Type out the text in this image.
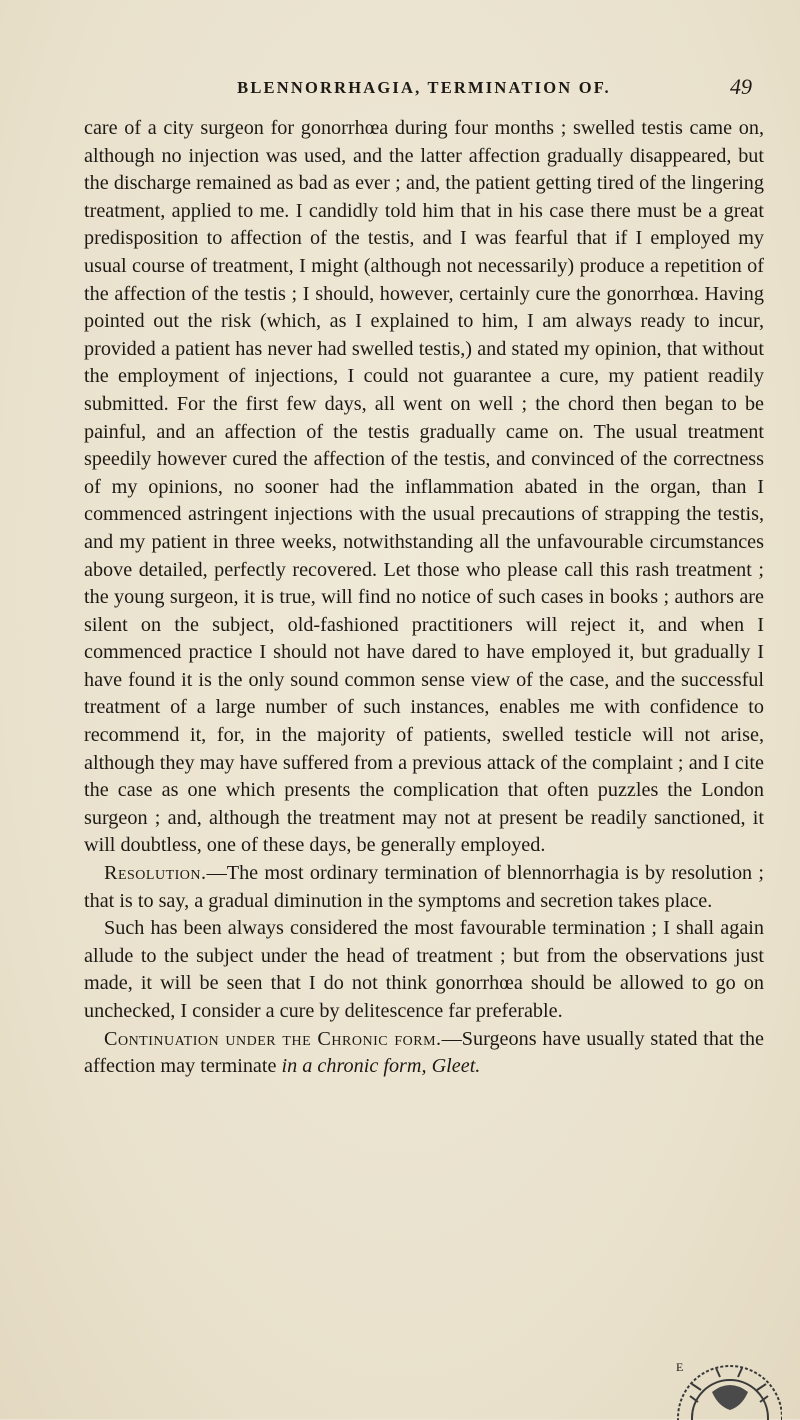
BLENNORRHAGIA, TERMINATION OF.	49

care of a city surgeon for gonorrhœa during four months ; swelled testis came on, although no injection was used, and the latter affection gradually disappeared, but the discharge remained as bad as ever ; and, the patient getting tired of the lingering treatment, applied to me. I candidly told him that in his case there must be a great predisposition to affection of the testis, and I was fearful that if I employed my usual course of treatment, I might (although not necessarily) produce a repetition of the affection of the testis ; I should, however, certainly cure the gonorrhœa. Having pointed out the risk (which, as I explained to him, I am always ready to incur, provided a patient has never had swelled testis,) and stated my opinion, that without the employment of injections, I could not guarantee a cure, my patient readily submitted. For the first few days, all went on well ; the chord then began to be painful, and an affection of the testis gradually came on. The usual treatment speedily however cured the affection of the testis, and convinced of the correctness of my opinions, no sooner had the inflammation abated in the organ, than I commenced astringent injections with the usual precautions of strapping the testis, and my patient in three weeks, notwithstanding all the unfavourable circumstances above detailed, perfectly recovered. Let those who please call this rash treatment ; the young surgeon, it is true, will find no notice of such cases in books ; authors are silent on the subject, old-fashioned practitioners will reject it, and when I commenced practice I should not have dared to have employed it, but gradually I have found it is the only sound common sense view of the case, and the successful treatment of a large number of such instances, enables me with confidence to recommend it, for, in the majority of patients, swelled testicle will not arise, although they may have suffered from a previous attack of the complaint ; and I cite the case as one which presents the complication that often puzzles the London surgeon ; and, although the treatment may not at present be readily sanctioned, it will doubtless, one of these days, be generally employed.

Resolution.—The most ordinary termination of blennorrhagia is by resolution ; that is to say, a gradual diminution in the symptoms and secretion takes place.

Such has been always considered the most favourable termination ; I shall again allude to the subject under the head of treatment ; but from the observations just made, it will be seen that I do not think gonorrhœa should be allowed to go on unchecked, I consider a cure by delitescence far preferable.

Continuation under the Chronic form.—Surgeons have usually stated that the affection may terminate in a chronic form, Gleet.

E
